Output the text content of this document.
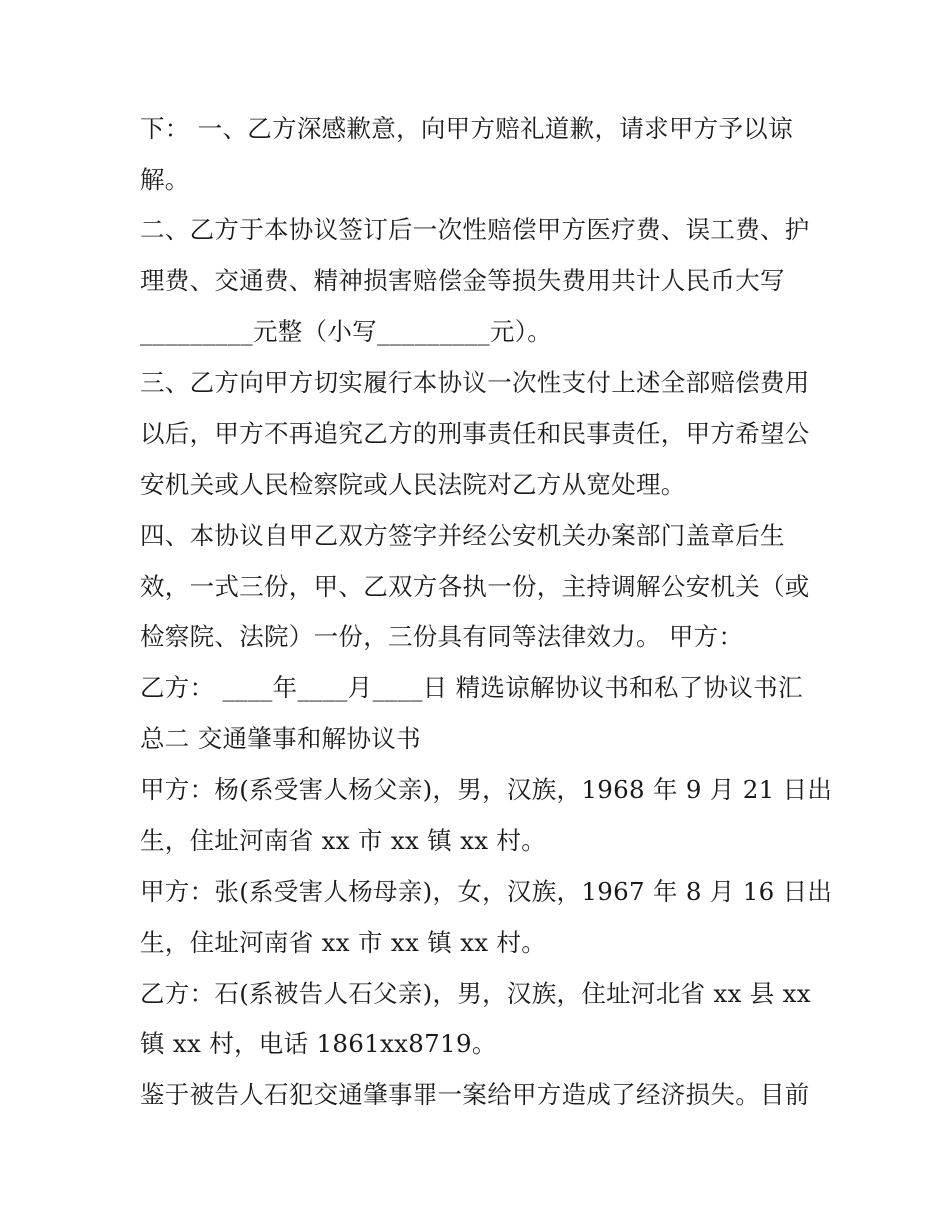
下： 一、乙方深感歉意，向甲方赔礼道歉，请求甲方予以谅
解。
二、乙方于本协议签订后一次性赔偿甲方医疗费、误工费、护
理费、交通费、精神损害赔偿金等损失费用共计人民币大写
_________元整（小写_________元）。
三、乙方向甲方切实履行本协议一次性支付上述全部赔偿费用
以后，甲方不再追究乙方的刑事责任和民事责任，甲方希望公
安机关或人民检察院或人民法院对乙方从宽处理。
四、本协议自甲乙双方签字并经公安机关办案部门盖章后生
效，一式三份，甲、乙双方各执一份，主持调解公安机关（或
检察院、法院）一份，三份具有同等法律效力。 甲方：
乙方： ____年____月____日 精选谅解协议书和私了协议书汇
总二 交通肇事和解协议书
甲方：杨(系受害人杨父亲)，男，汉族，1968 年 9 月 21 日出
生，住址河南省 xx 市 xx 镇 xx 村。
甲方：张(系受害人杨母亲)，女，汉族，1967 年 8 月 16 日出
生，住址河南省 xx 市 xx 镇 xx 村。
乙方：石(系被告人石父亲)，男，汉族，住址河北省 xx 县 xx
镇 xx 村，电话 1861xx8719。
鉴于被告人石犯交通肇事罪一案给甲方造成了经济损失。目前
